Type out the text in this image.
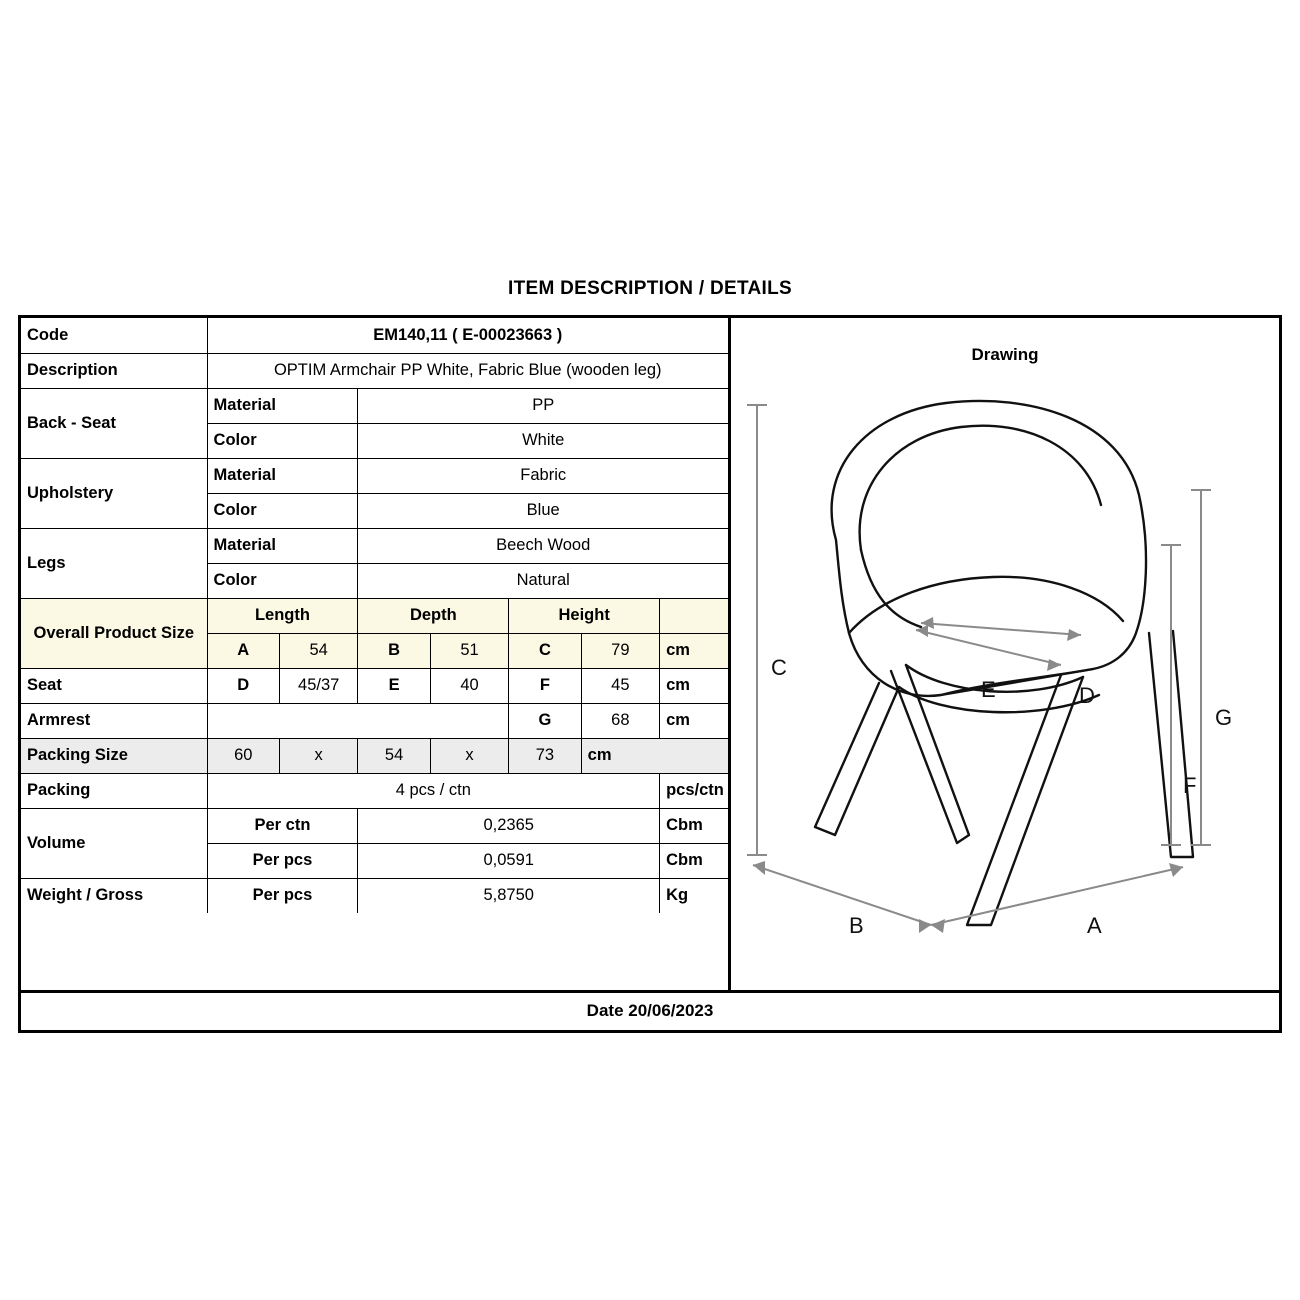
ITEM DESCRIPTION / DETAILS
Code	EM140,11 ( E-00023663 )						
Description	OPTIM Armchair PP White, Fabric Blue (wooden leg)						
Back - Seat	Material		PP				
	Color		White				
Upholstery	Material		Fabric				
	Color		Blue				
Legs	Material		Beech Wood				
	Color		Natural				
Overall Product Size	Length		Depth		Height		
	A	54	B	51	C	79	cm
Seat	D	45/37	E	40	F	45	cm
Armrest					G	68	cm
Packing Size	60	x	54	x	73	cm	
Packing	4 pcs / ctn						pcs/ctn
Volume	Per ctn		0,2365				Cbm
	Per pcs		0,0591				Cbm
Weight / Gross	Per pcs		5,8750				Kg
Drawing
C
G
F
A
B
D
E
Date 20/06/2023
